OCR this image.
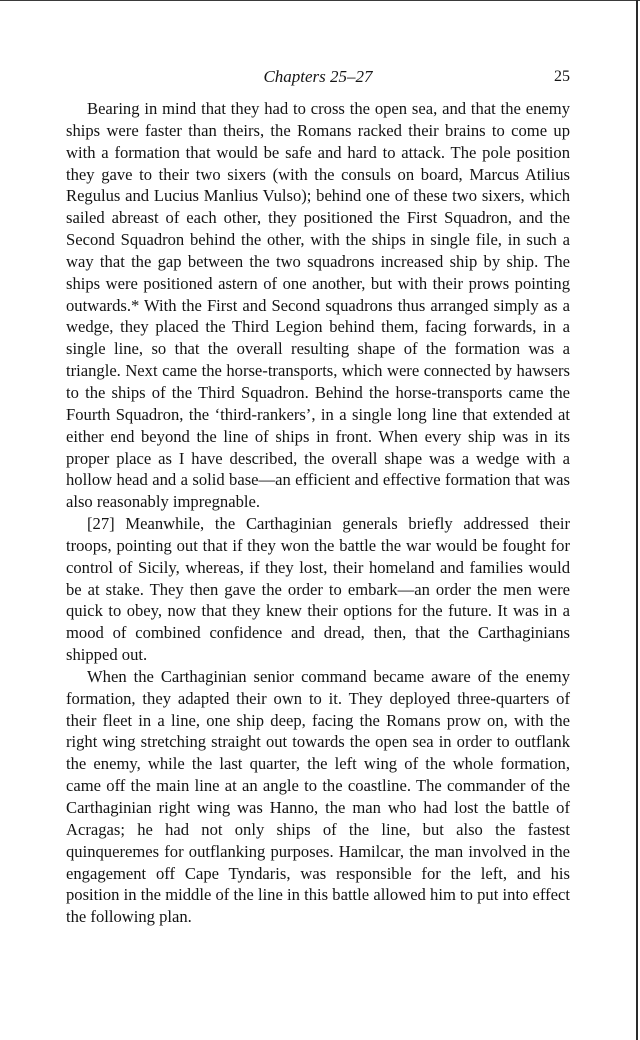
Chapters 25–27	25

Bearing in mind that they had to cross the open sea, and that the enemy ships were faster than theirs, the Romans racked their brains to come up with a formation that would be safe and hard to attack. The pole position they gave to their two sixers (with the consuls on board, Marcus Atilius Regulus and Lucius Manlius Vulso); behind one of these two sixers, which sailed abreast of each other, they positioned the First Squadron, and the Second Squadron behind the other, with the ships in single file, in such a way that the gap between the two squadrons increased ship by ship. The ships were positioned astern of one another, but with their prows pointing outwards.* With the First and Second squadrons thus arranged simply as a wedge, they placed the Third Legion behind them, facing forwards, in a single line, so that the overall resulting shape of the formation was a triangle. Next came the horse-transports, which were connected by hawsers to the ships of the Third Squadron. Behind the horse-transports came the Fourth Squadron, the ‘third-rankers’, in a single long line that extended at either end beyond the line of ships in front. When every ship was in its proper place as I have described, the overall shape was a wedge with a hollow head and a solid base—an efficient and effective formation that was also reasonably impregnable.

[27] Meanwhile, the Carthaginian generals briefly addressed their troops, pointing out that if they won the battle the war would be fought for control of Sicily, whereas, if they lost, their homeland and families would be at stake. They then gave the order to embark—an order the men were quick to obey, now that they knew their options for the future. It was in a mood of combined confidence and dread, then, that the Carthaginians shipped out.

When the Carthaginian senior command became aware of the enemy formation, they adapted their own to it. They deployed three-quarters of their fleet in a line, one ship deep, facing the Romans prow on, with the right wing stretching straight out towards the open sea in order to outflank the enemy, while the last quarter, the left wing of the whole formation, came off the main line at an angle to the coastline. The commander of the Carthaginian right wing was Hanno, the man who had lost the battle of Acragas; he had not only ships of the line, but also the fastest quinqueremes for outflanking purposes. Hamilcar, the man involved in the engagement off Cape Tyndaris, was responsible for the left, and his position in the middle of the line in this battle allowed him to put into effect the following plan.
